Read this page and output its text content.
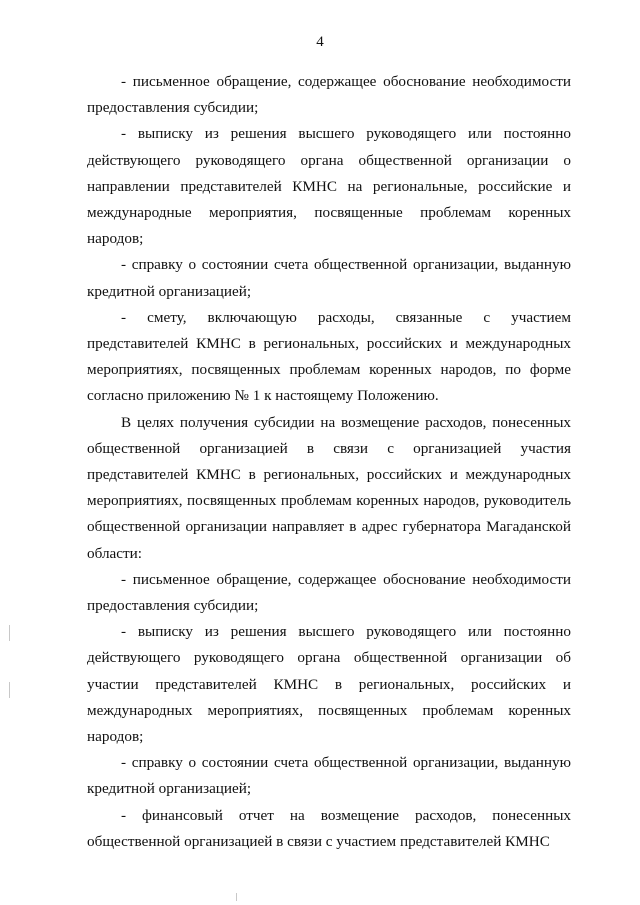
4

- письменное обращение, содержащее обоснование необходимости предоставления субсидии;

- выписку из решения высшего руководящего или постоянно действующего руководящего органа общественной организации о направлении представителей КМНС на региональные, российские и международные мероприятия, посвященные проблемам коренных народов;

- справку о состоянии счета общественной организации, выданную кредитной организацией;

- смету, включающую расходы, связанные с участием представителей КМНС в региональных, российских и международных мероприятиях, посвященных проблемам коренных народов, по форме согласно приложению № 1 к настоящему Положению.

В целях получения субсидии на возмещение расходов, понесенных общественной организацией в связи с организацией участия представителей КМНС в региональных, российских и международных мероприятиях, посвященных проблемам коренных народов, руководитель общественной организации направляет в адрес губернатора Магаданской области:

- письменное обращение, содержащее обоснование необходимости предоставления субсидии;

- выписку из решения высшего руководящего или постоянно действующего руководящего органа общественной организации об участии представителей КМНС в региональных, российских и международных мероприятиях, посвященных проблемам коренных народов;

- справку о состоянии счета общественной организации, выданную кредитной организацией;

- финансовый отчет на возмещение расходов, понесенных общественной организацией в связи с участием представителей КМНС
